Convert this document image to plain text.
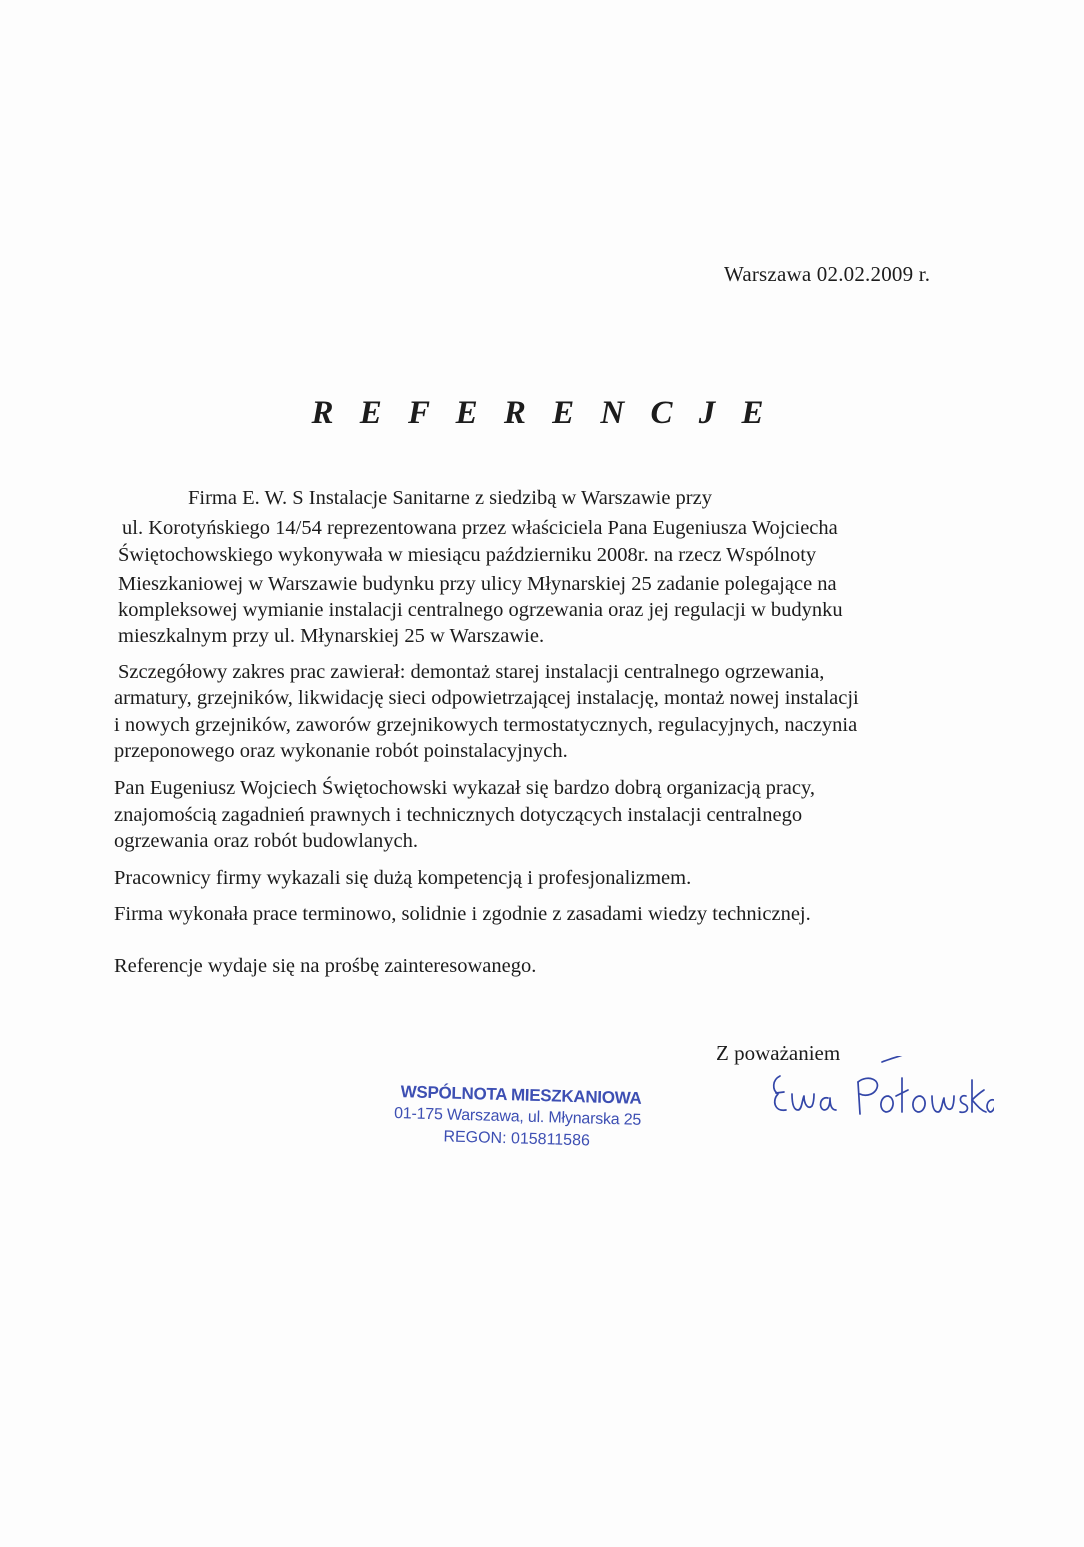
Warszawa 02.02.2009 r.
R E F E R E N C J E
Firma E. W. S Instalacje Sanitarne z siedzibą w Warszawie przy
ul. Korotyńskiego 14/54 reprezentowana przez właściciela Pana Eugeniusza Wojciecha
Świętochowskiego wykonywała w miesiącu październiku 2008r. na rzecz Wspólnoty
Mieszkaniowej w Warszawie budynku przy ulicy Młynarskiej 25 zadanie polegające na
kompleksowej wymianie instalacji centralnego ogrzewania oraz jej regulacji w budynku
mieszkalnym przy ul. Młynarskiej 25 w Warszawie.
Szczegółowy zakres prac zawierał: demontaż starej instalacji centralnego ogrzewania,
armatury, grzejników, likwidację sieci odpowietrzającej instalację, montaż nowej instalacji
i nowych grzejników, zaworów grzejnikowych termostatycznych, regulacyjnych, naczynia
przeponowego oraz wykonanie robót poinstalacyjnych.
Pan Eugeniusz Wojciech Świętochowski wykazał się bardzo dobrą organizacją pracy,
znajomością zagadnień prawnych i technicznych dotyczących instalacji centralnego
ogrzewania oraz robót budowlanych.
Pracownicy firmy wykazali się dużą kompetencją i profesjonalizmem.
Firma wykonała prace terminowo, solidnie i zgodnie z zasadami wiedzy technicznej.
Referencje wydaje się na prośbę zainteresowanego.
Z poważaniem
WSPÓLNOTA MIESZKANIOWA
01-175 Warszawa, ul. Młynarska 25
REGON: 015811586
